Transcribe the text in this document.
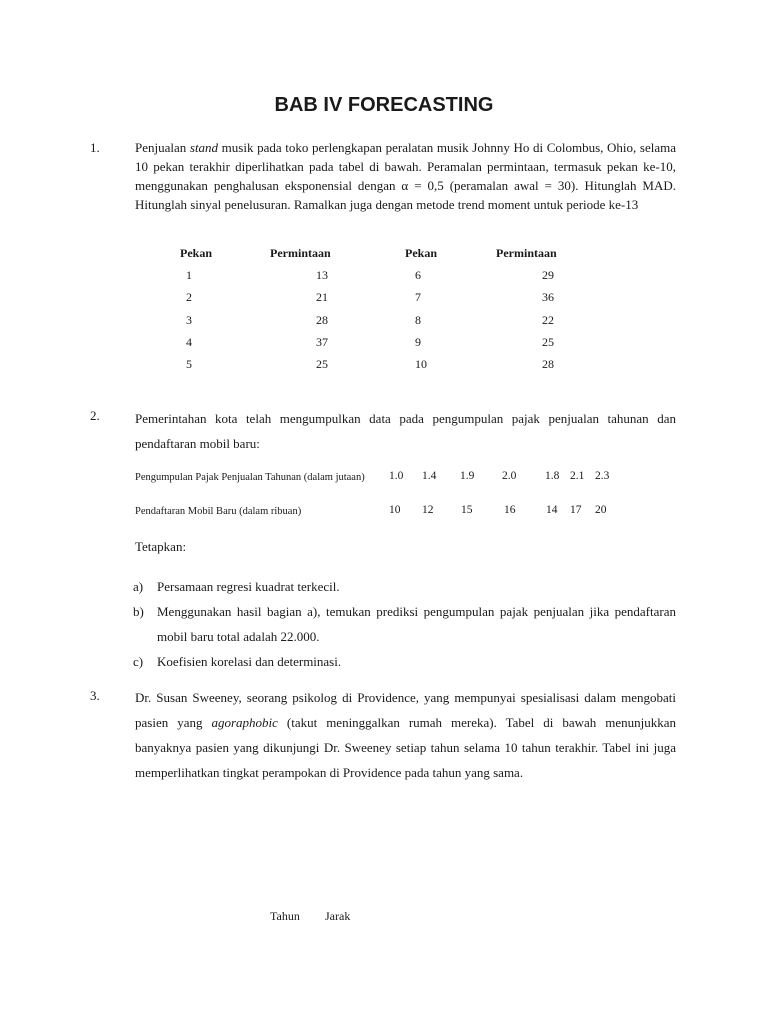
BAB IV FORECASTING
1.	Penjualan stand musik pada toko perlengkapan peralatan musik Johnny Ho di Colombus, Ohio, selama 10 pekan terakhir diperlihatkan pada tabel di bawah. Peramalan permintaan, termasuk pekan ke-10, menggunakan penghalusan eksponensial dengan α = 0,5 (peramalan awal = 30). Hitunglah MAD. Hitunglah sinyal penelusuran. Ramalkan juga dengan metode trend moment untuk periode ke-13

Pekan	Permintaan	Pekan	Permintaan
1	13	6	29
2	21	7	36
3	28	8	22
4	37	9	25
5	25	10	28
2.	Pemerintahan kota telah mengumpulkan data pada pengumpulan pajak penjualan tahunan dan pendaftaran mobil baru:

Pengumpulan Pajak Penjualan Tahunan (dalam jutaan) 1.0 1.4 1.9 2.0 1.8 2.1 2.3
Pendaftaran Mobil Baru (dalam ribuan)	10 12 15	16	14 17 20
Tetapkan:
a) Persamaan regresi kuadrat terkecil.
b) Menggunakan hasil bagian a), temukan prediksi pengumpulan pajak penjualan jika pendaftaran mobil baru total adalah 22.000.
c) Koefisien korelasi dan determinasi.
3.	Dr. Susan Sweeney, seorang psikolog di Providence, yang mempunyai spesialisasi dalam mengobati pasien yang agoraphobic (takut meninggalkan rumah mereka). Tabel di bawah menunjukkan banyaknya pasien yang dikunjungi Dr. Sweeney setiap tahun selama 10 tahun terakhir. Tabel ini juga memperlihatkan tingkat perampokan di Providence pada tahun yang sama.

Tahun Jarak
